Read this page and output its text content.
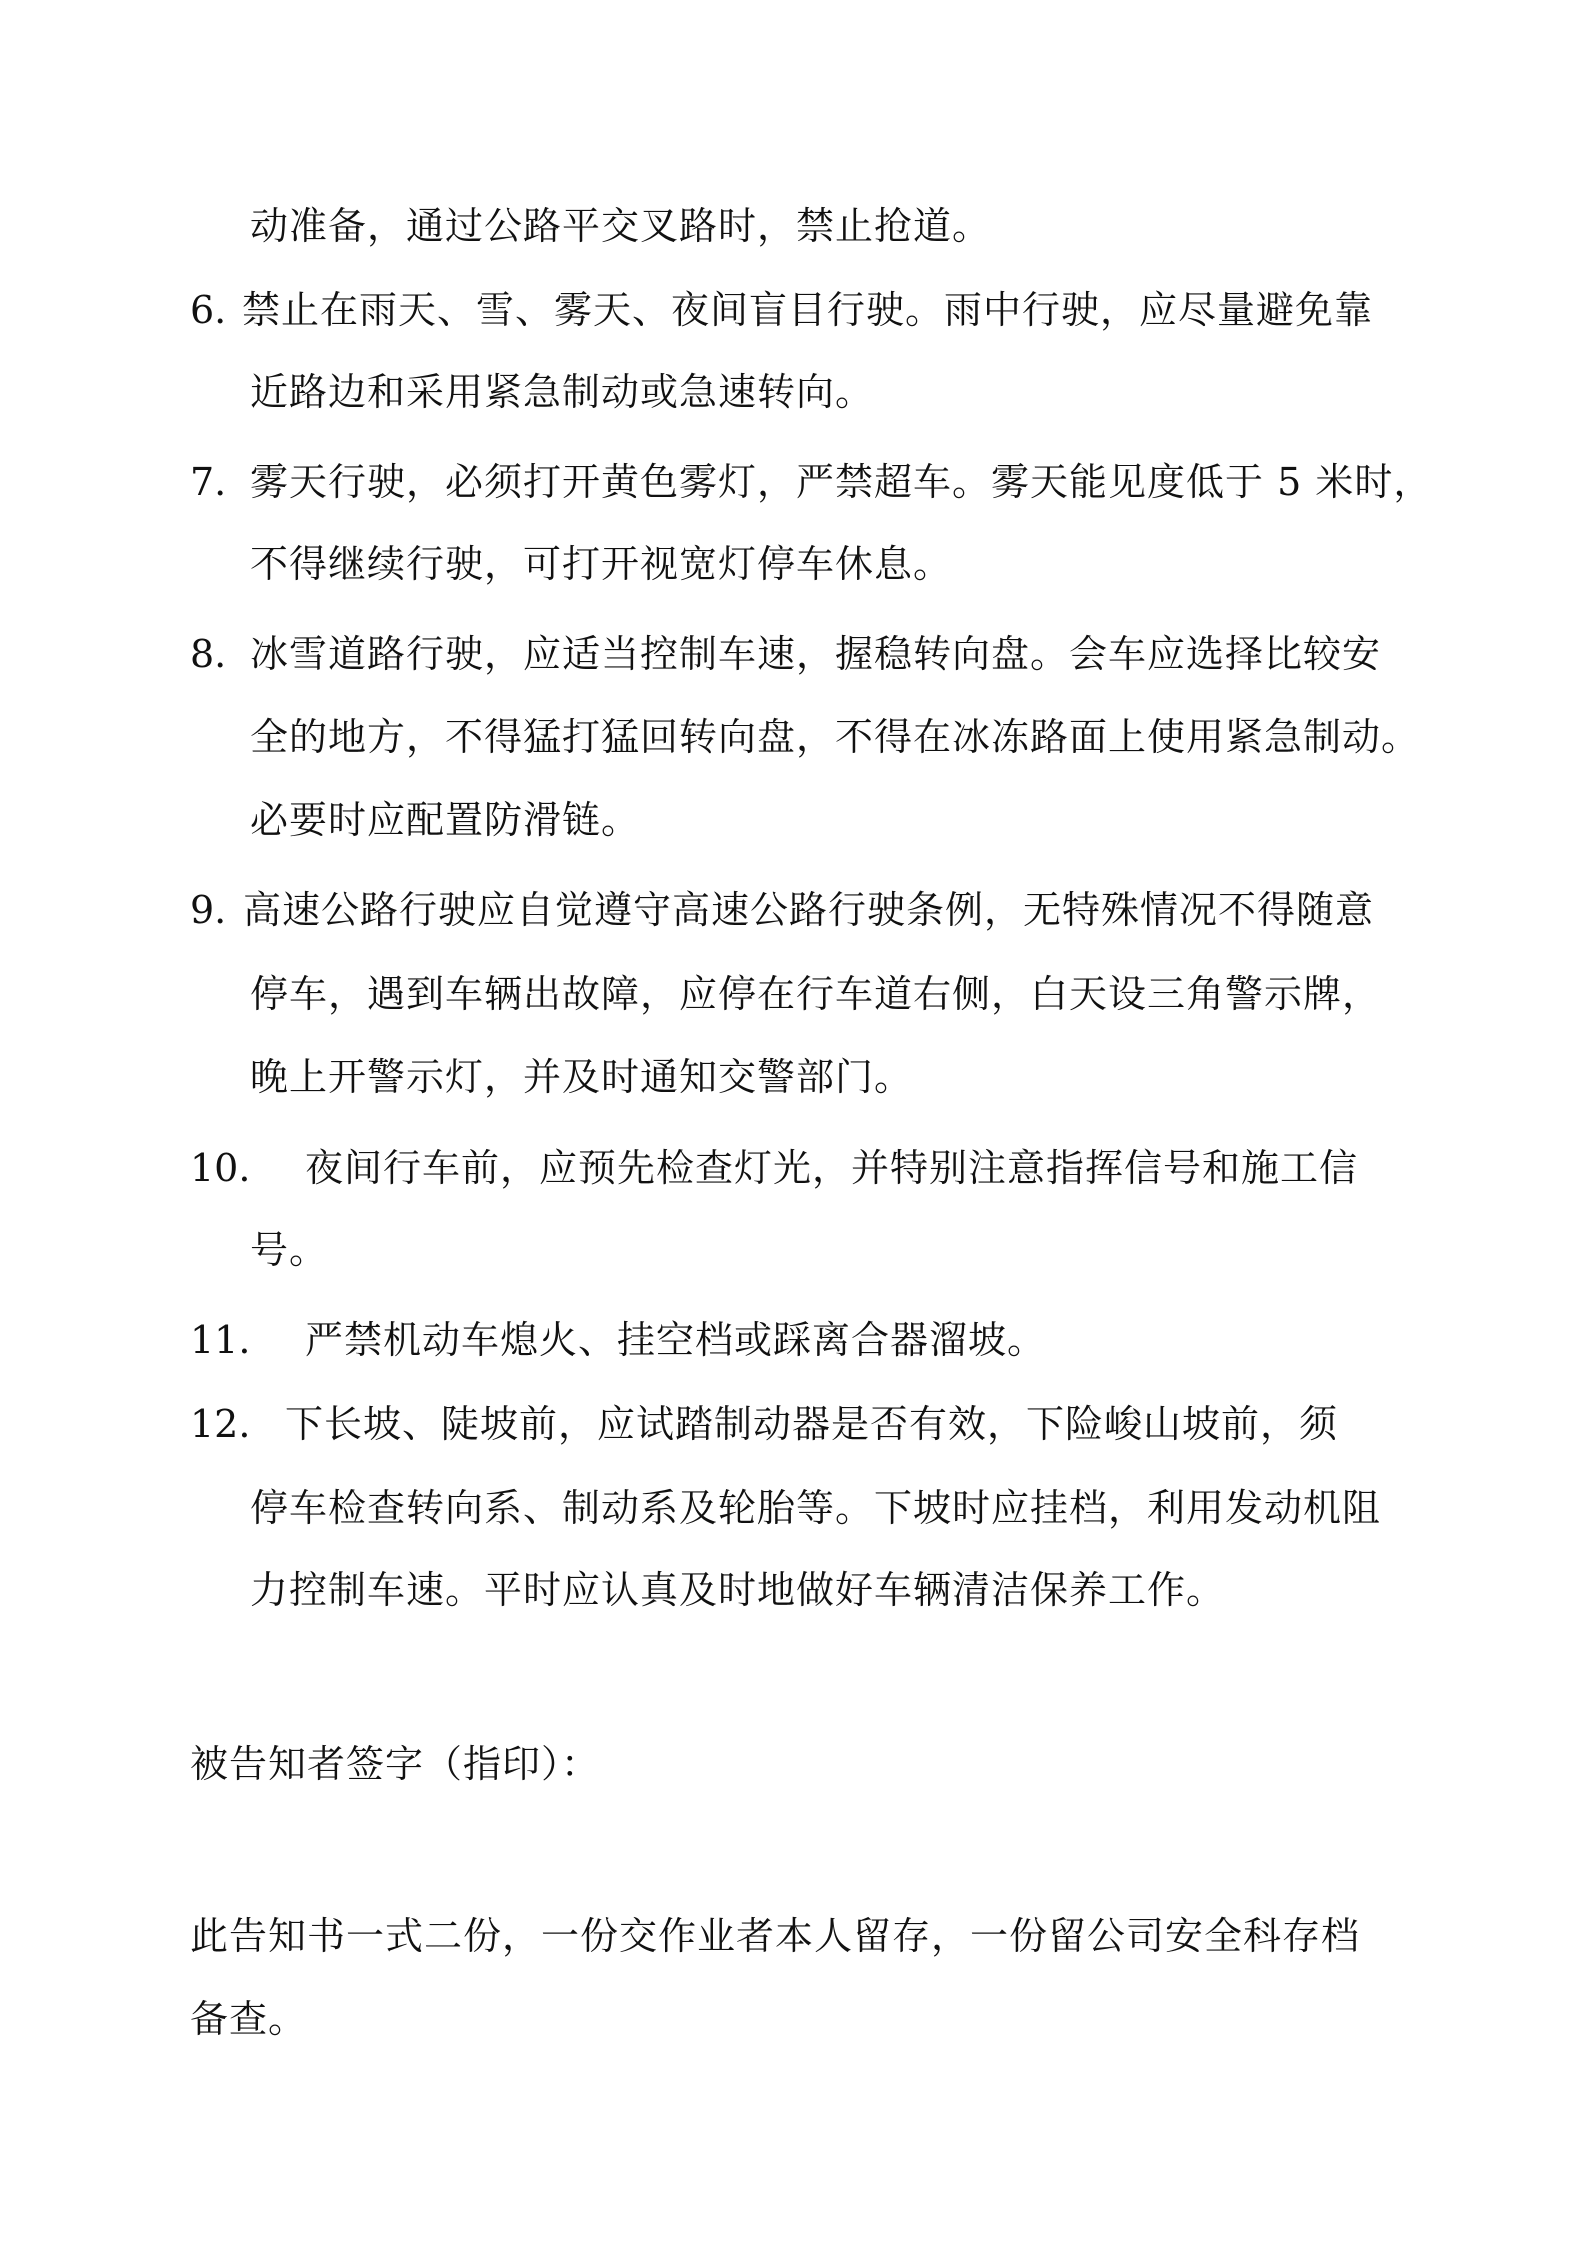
动准备，通过公路平交叉路时，禁止抢道。
6. 禁止在雨天、雪、雾天、夜间盲目行驶。雨中行驶，应尽量避免靠
近路边和采用紧急制动或急速转向。
7. 雾天行驶，必须打开黄色雾灯，严禁超车。雾天能见度低于 5 米时，
不得继续行驶，可打开视宽灯停车休息。
8. 冰雪道路行驶，应适当控制车速，握稳转向盘。会车应选择比较安
全的地方，不得猛打猛回转向盘，不得在冰冻路面上使用紧急制动。
必要时应配置防滑链。
9. 高速公路行驶应自觉遵守高速公路行驶条例，无特殊情况不得随意
停车，遇到车辆出故障，应停在行车道右侧，白天设三角警示牌，
晚上开警示灯，并及时通知交警部门。
10. 夜间行车前，应预先检查灯光，并特别注意指挥信号和施工信
号。
11. 严禁机动车熄火、挂空档或踩离合器溜坡。
12. 下长坡、陡坡前，应试踏制动器是否有效，下险峻山坡前，须
停车检查转向系、制动系及轮胎等。下坡时应挂档，利用发动机阻
力控制车速。平时应认真及时地做好车辆清洁保养工作。
被告知者签字（指印）：
此告知书一式二份，一份交作业者本人留存，一份留公司安全科存档
备查。
